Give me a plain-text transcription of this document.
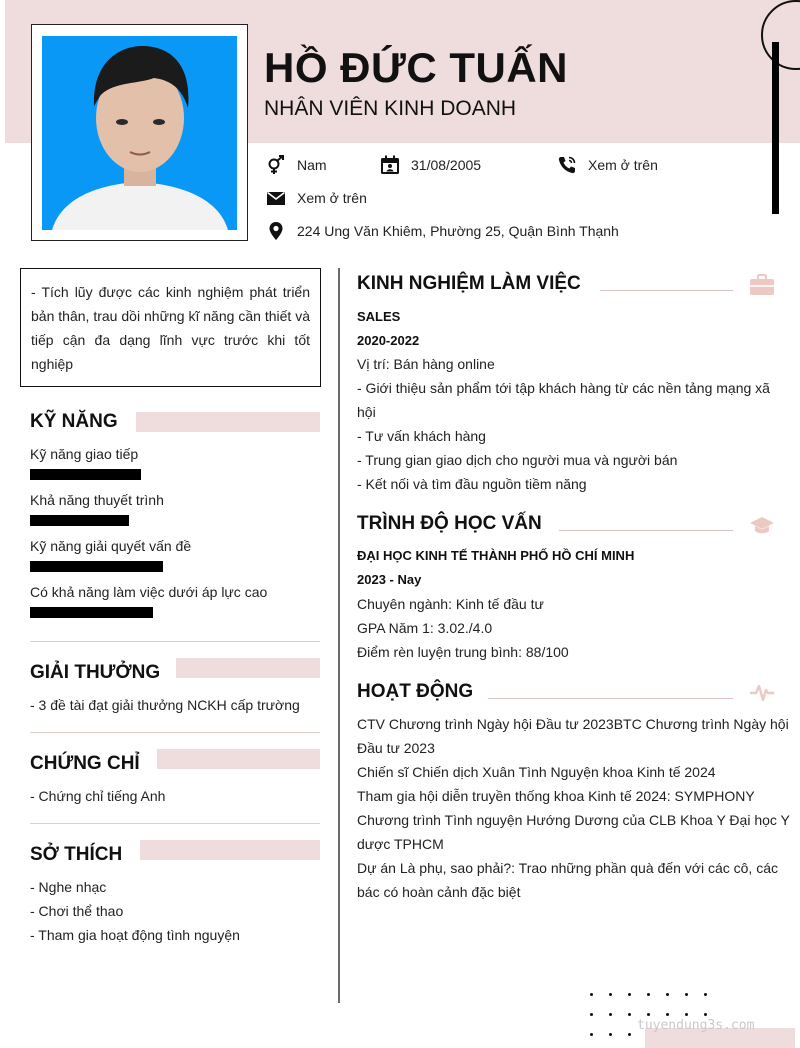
HỒ ĐỨC TUẤN
NHÂN VIÊN KINH DOANH
Nam	31/08/2005	Xem ở trên
Xem ở trên
224 Ung Văn Khiêm, Phường 25, Quận Bình Thạnh
- Tích lũy được các kinh nghiệm phát triển bản thân, trau dồi những kĩ năng cần thiết và tiếp cận đa dạng lĩnh vực trước khi tốt nghiệp
KỸ NĂNG
Kỹ năng giao tiếp
Khả năng thuyết trình
Kỹ năng giải quyết vấn đề
Có khả năng làm việc dưới áp lực cao
GIẢI THƯỞNG
- 3 đề tài đạt giải thưởng NCKH cấp trường
CHỨNG CHỈ
- Chứng chỉ tiếng Anh
SỞ THÍCH
- Nghe nhạc
- Chơi thể thao
- Tham gia hoạt động tình nguyện
KINH NGHIỆM LÀM VIỆC
SALES
2020-2022
Vị trí: Bán hàng online
- Giới thiệu sản phẩm tới tập khách hàng từ các nền tảng mạng xã
hội
- Tư vấn khách hàng
- Trung gian giao dịch cho người mua và người bán
- Kết nối và tìm đầu nguồn tiềm năng
TRÌNH ĐỘ HỌC VẤN
ĐẠI HỌC KINH TẾ THÀNH PHỐ HỒ CHÍ MINH
2023 - Nay
Chuyên ngành: Kinh tế đầu tư
GPA Năm 1: 3.02./4.0
Điểm rèn luyện trung bình: 88/100
HOẠT ĐỘNG
CTV Chương trình Ngày hội Đầu tư 2023BTC Chương trình Ngày hội
Đầu tư 2023
Chiến sĩ Chiến dịch Xuân Tình Nguyện khoa Kinh tế 2024
Tham gia hội diễn truyền thống khoa Kinh tế 2024: SYMPHONY
Chương trình Tình nguyện Hướng Dương của CLB Khoa Y Đại học Y
dược TPHCM
Dự án Là phụ, sao phải?: Trao những phần quà đến với các cô, các
bác có hoàn cảnh đặc biệt
tuyendung3s.com
